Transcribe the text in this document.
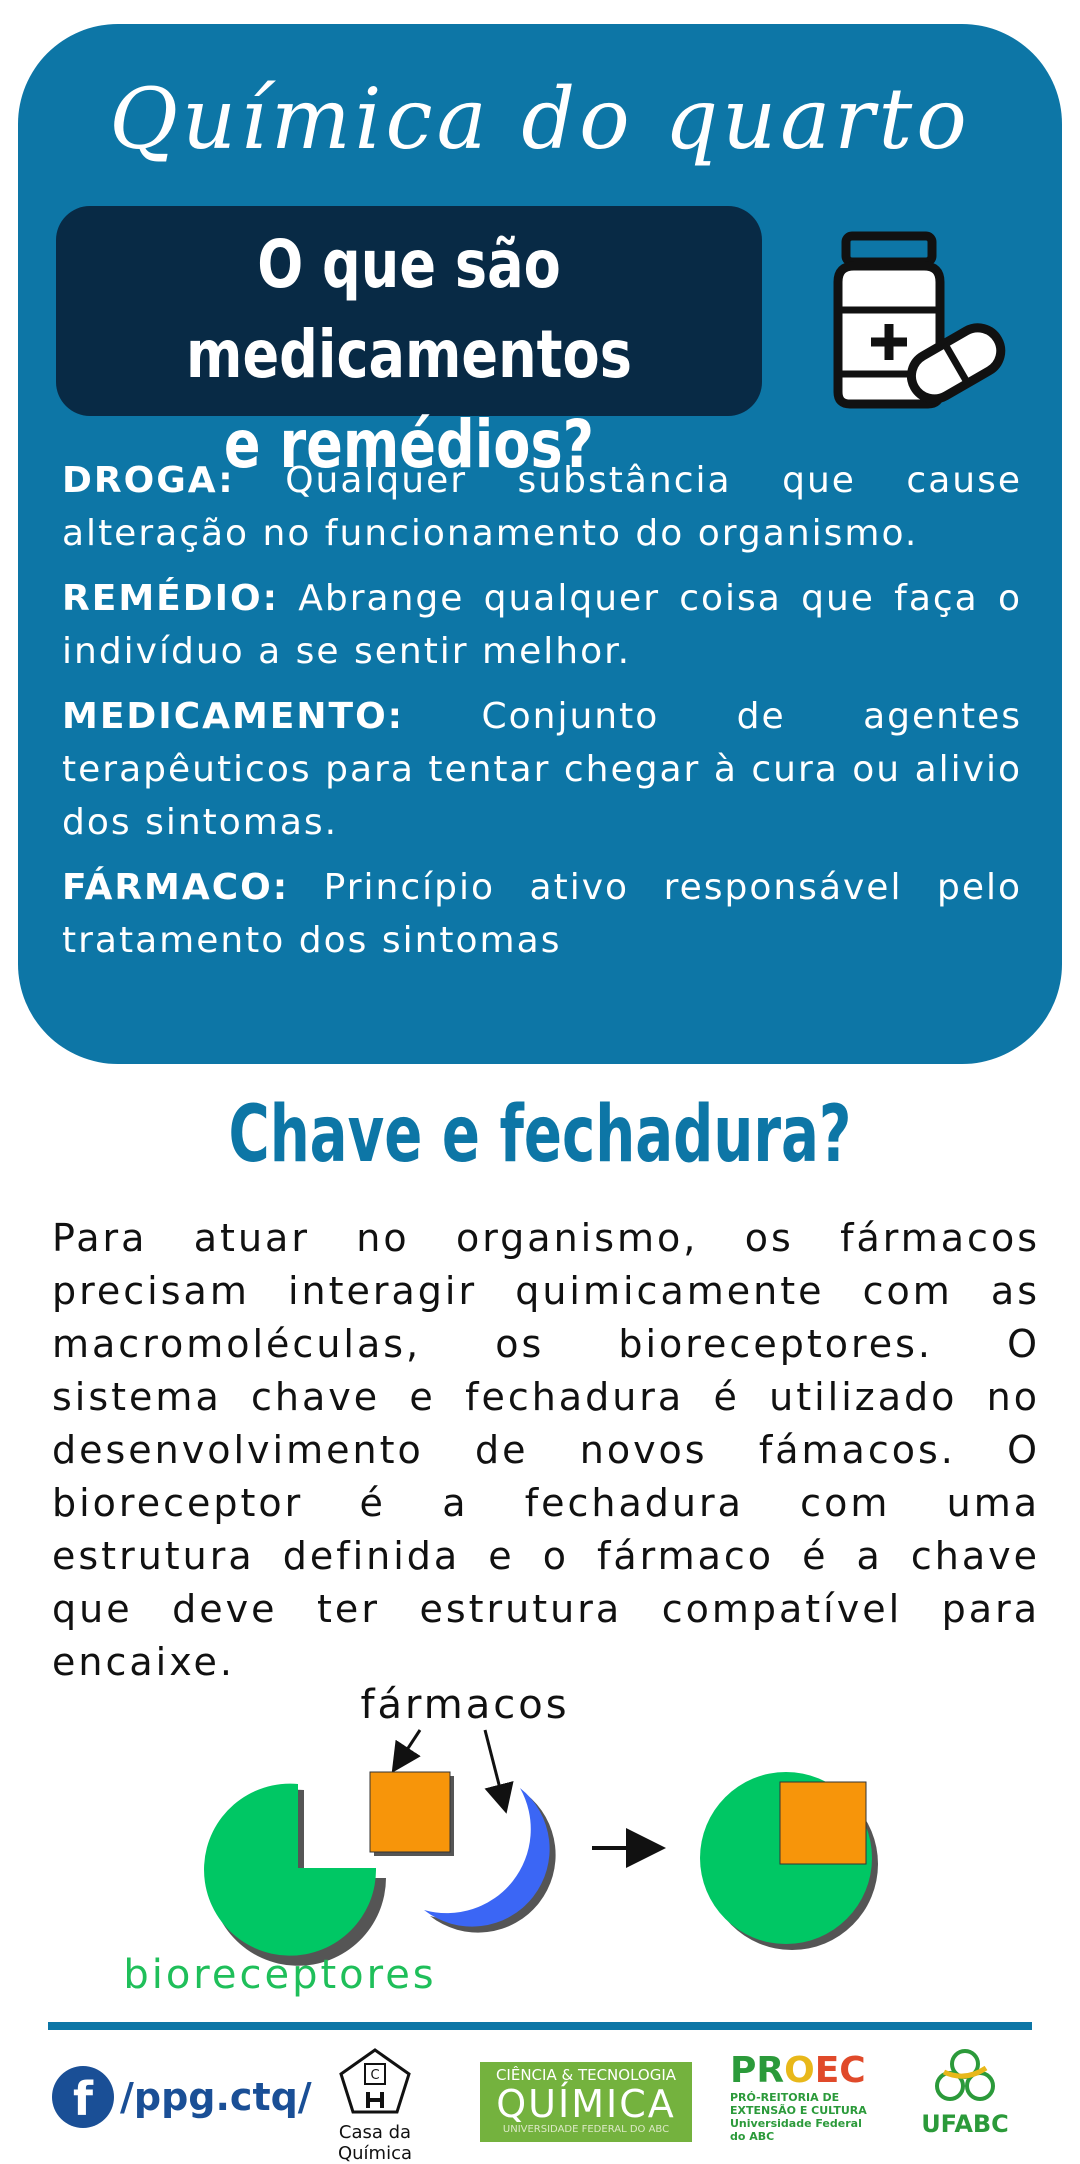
Química do quarto
O que são medicamentos
e remédios?
DROGA: Qualquer substância que cause alteração no funcionamento do organismo.
REMÉDIO: Abrange qualquer coisa que faça o indivíduo a se sentir melhor.
MEDICAMENTO: Conjunto de agentes terapêuticos para tentar chegar à cura ou alivio dos sintomas.
FÁRMACO: Princípio ativo responsável pelo tratamento dos sintomas
Chave e fechadura?
Para atuar no organismo, os fármacos precisam interagir quimicamente com as macromoléculas, os bioreceptores. O sistema chave e fechadura é utilizado no desenvolvimento de novos fámacos. O bioreceptor é a fechadura com uma estrutura definida e o fármaco é a chave que deve ter estrutura compatível para encaixe.
fármacos
bioreceptores
f /ppg.ctq/	C
Casa da Química
CIÊNCIA & TECNOLOGIA
QUÍMICA
UNIVERSIDADE FEDERAL DO ABC
PROEC
PRÓ-REITORIA DE
EXTENSÃO E CULTURA
Universidade Federal do ABC	UFABC
